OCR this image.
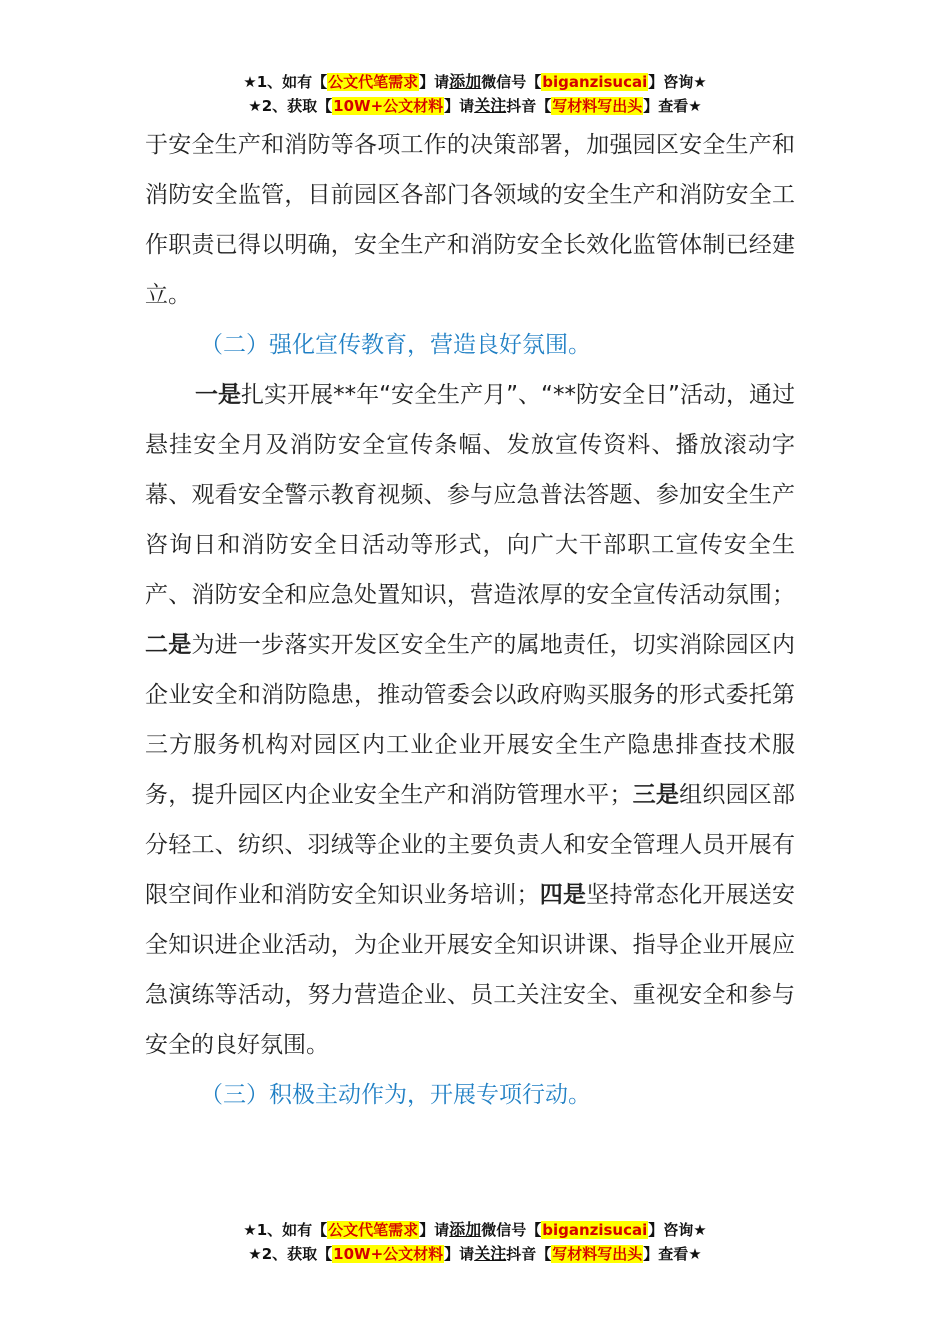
★1、如有【公文代笔需求】请添加微信号【biganzisucai】咨询★
★2、获取【10W+公文材料】请关注抖音【写材料写出头】查看★

于安全生产和消防等各项工作的决策部署，加强园区安全生产和消防安全监管，目前园区各部门各领域的安全生产和消防安全工作职责已得以明确，安全生产和消防安全长效化监管体制已经建立。

（二）强化宣传教育，营造良好氛围。

一是扎实开展**年“安全生产月”、“**防安全日”活动，通过悬挂安全月及消防安全宣传条幅、发放宣传资料、播放滚动字幕、观看安全警示教育视频、参与应急普法答题、参加安全生产咨询日和消防安全日活动等形式，向广大干部职工宣传安全生产、消防安全和应急处置知识，营造浓厚的安全宣传活动氛围；二是为进一步落实开发区安全生产的属地责任，切实消除园区内企业安全和消防隐患，推动管委会以政府购买服务的形式委托第三方服务机构对园区内工业企业开展安全生产隐患排查技术服务，提升园区内企业安全生产和消防管理水平；三是组织园区部分轻工、纺织、羽绒等企业的主要负责人和安全管理人员开展有限空间作业和消防安全知识业务培训；四是坚持常态化开展送安全知识进企业活动，为企业开展安全知识讲课、指导企业开展应急演练等活动，努力营造企业、员工关注安全、重视安全和参与安全的良好氛围。

（三）积极主动作为，开展专项行动。

★1、如有【公文代笔需求】请添加微信号【biganzisucai】咨询★
★2、获取【10W+公文材料】请关注抖音【写材料写出头】查看★
